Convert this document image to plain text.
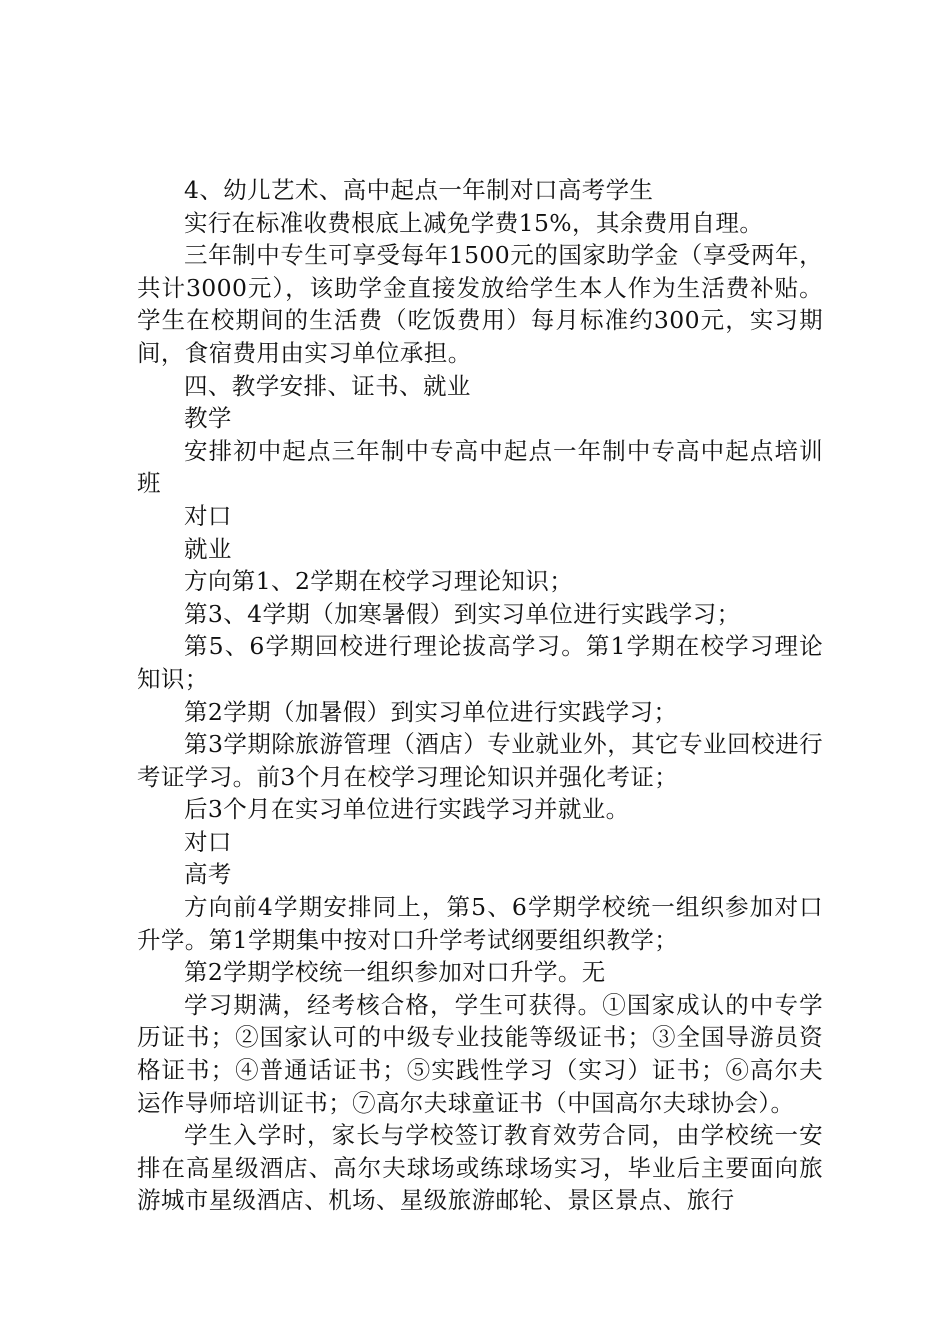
4、幼儿艺术、高中起点一年制对口高考学生

实行在标准收费根底上减免学费15%，其余费用自理。

三年制中专生可享受每年1500元的国家助学金（享受两年，共计3000元），该助学金直接发放给学生本人作为生活费补贴。学生在校期间的生活费（吃饭费用）每月标准约300元，实习期间，食宿费用由实习单位承担。

四、教学安排、证书、就业

教学

安排初中起点三年制中专高中起点一年制中专高中起点培训班

对口

就业

方向第1、2学期在校学习理论知识；

第3、4学期（加寒暑假）到实习单位进行实践学习；

第5、6学期回校进行理论拔高学习。第1学期在校学习理论知识；

第2学期（加暑假）到实习单位进行实践学习；

第3学期除旅游管理（酒店）专业就业外，其它专业回校进行考证学习。前3个月在校学习理论知识并强化考证；

后3个月在实习单位进行实践学习并就业。

对口

高考

方向前4学期安排同上，第5、6学期学校统一组织参加对口升学。第1学期集中按对口升学考试纲要组织教学；

第2学期学校统一组织参加对口升学。无

学习期满，经考核合格，学生可获得。①国家成认的中专学历证书；②国家认可的中级专业技能等级证书；③全国导游员资格证书；④普通话证书；⑤实践性学习（实习）证书；⑥高尔夫运作导师培训证书；⑦高尔夫球童证书（中国高尔夫球协会）。

学生入学时，家长与学校签订教育效劳合同，由学校统一安排在高星级酒店、高尔夫球场或练球场实习，毕业后主要面向旅游城市星级酒店、机场、星级旅游邮轮、景区景点、旅行
